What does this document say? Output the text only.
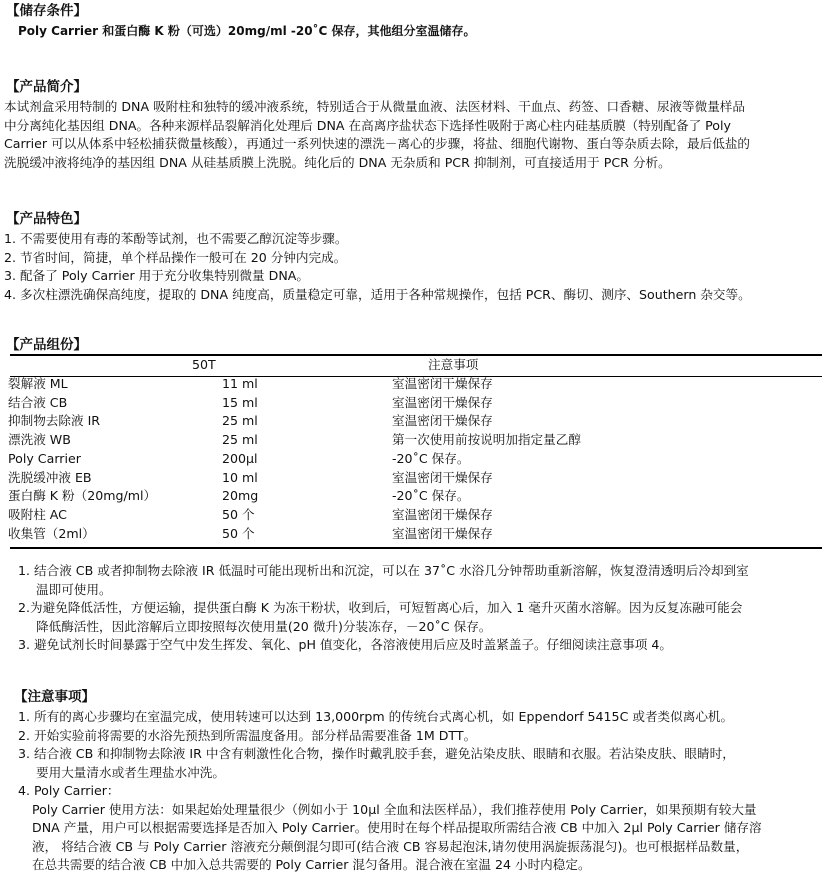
【储存条件】
Poly Carrier 和蛋白酶 K 粉（可选）20mg/ml -20˚C 保存，其他组分室温储存。
【产品简介】
本试剂盒采用特制的 DNA 吸附柱和独特的缓冲液系统，特别适合于从微量血液、法医材料、干血点、药签、口香糖、尿液等微量样品
中分离纯化基因组 DNA。各种来源样品裂解消化处理后 DNA 在高离序盐状态下选择性吸附于离心柱内硅基质膜（特别配备了 Poly
Carrier 可以从体系中轻松捕获微量核酸），再通过一系列快速的漂洗－离心的步骤，将盐、细胞代谢物、蛋白等杂质去除，最后低盐的
洗脱缓冲液将纯净的基因组 DNA 从硅基质膜上洗脱。纯化后的 DNA 无杂质和 PCR 抑制剂，可直接适用于 PCR 分析。
【产品特色】
1. 不需要使用有毒的苯酚等试剂，也不需要乙醇沉淀等步骤。
2. 节省时间，简捷，单个样品操作一般可在 20 分钟内完成。
3. 配备了 Poly Carrier 用于充分收集特别微量 DNA。
4. 多次柱漂洗确保高纯度，提取的 DNA 纯度高，质量稳定可靠，适用于各种常规操作，包括 PCR、酶切、测序、Southern 杂交等。
【产品组份】
50T	注意事项
裂解液 ML
结合液 CB
抑制物去除液 IR
漂洗液 WB
Poly Carrier
洗脱缓冲液 EB
蛋白酶 K 粉（20mg/ml）
吸附柱 AC
收集管（2ml）
11 ml
15 ml
25 ml
25 ml
200μl
10 ml
20mg
50 个
50 个
室温密闭干燥保存
室温密闭干燥保存
室温密闭干燥保存
第一次使用前按说明加指定量乙醇
-20˚C 保存。
室温密闭干燥保存
-20˚C 保存。
室温密闭干燥保存
室温密闭干燥保存
1. 结合液 CB 或者抑制物去除液 IR 低温时可能出现析出和沉淀，可以在 37˚C 水浴几分钟帮助重新溶解，恢复澄清透明后冷却到室
温即可使用。
2.为避免降低活性，方便运输，提供蛋白酶 K 为冻干粉状，收到后，可短暂离心后，加入 1 毫升灭菌水溶解。因为反复冻融可能会
降低酶活性，因此溶解后立即按照每次使用量(20 微升)分装冻存，－20˚C 保存。
3. 避免试剂长时间暴露于空气中发生挥发、氧化、pH 值变化，各溶液使用后应及时盖紧盖子。仔细阅读注意事项 4。
【注意事项】
1. 所有的离心步骤均在室温完成，使用转速可以达到 13,000rpm 的传统台式离心机，如 Eppendorf 5415C 或者类似离心机。
2. 开始实验前将需要的水浴先预热到所需温度备用。部分样品需要准备 1M DTT。
3. 结合液 CB 和抑制物去除液 IR 中含有刺激性化合物，操作时戴乳胶手套，避免沾染皮肤、眼睛和衣服。若沾染皮肤、眼睛时，
要用大量清水或者生理盐水冲洗。
4. Poly Carrier：
Poly Carrier 使用方法：如果起始处理量很少（例如小于 10μl 全血和法医样品），我们推荐使用 Poly Carrier，如果预期有较大量
DNA 产量，用户可以根据需要选择是否加入 Poly Carrier。使用时在每个样品提取所需结合液 CB 中加入 2μl Poly Carrier 储存溶
液， 将结合液 CB 与 Poly Carrier 溶液充分颠倒混匀即可(结合液 CB 容易起泡沫,请勿使用涡旋振荡混匀)。也可根据样品数量，
在总共需要的结合液 CB 中加入总共需要的 Poly Carrier 混匀备用。混合液在室温 24 小时内稳定。
